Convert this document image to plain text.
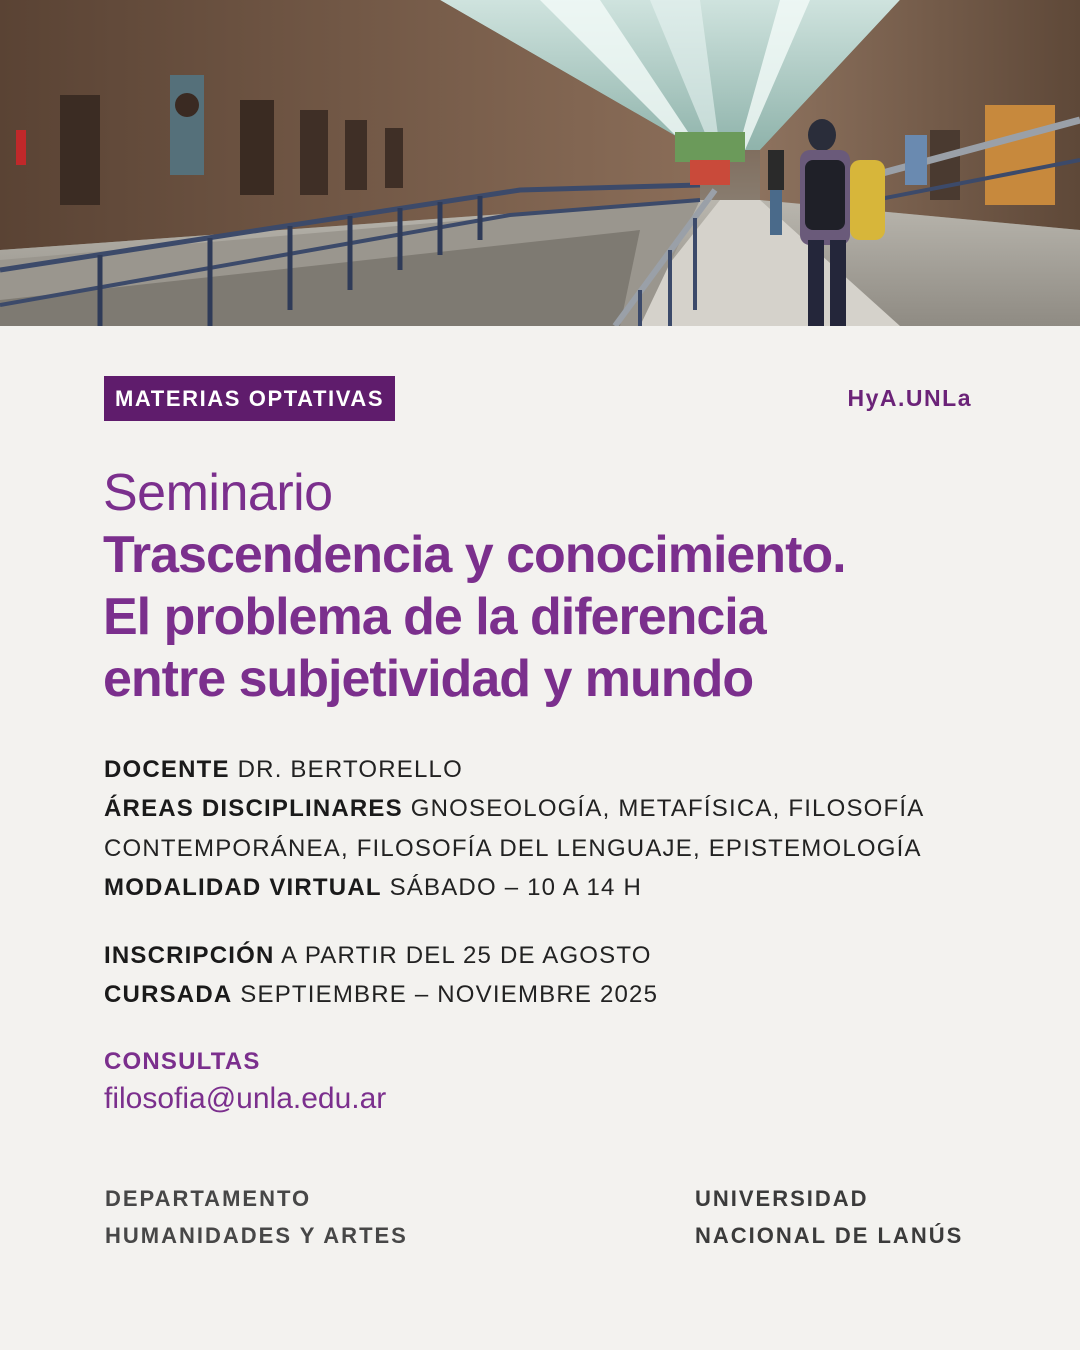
MATERIAS OPTATIVAS	HyA.UNLa
Seminario
Trascendencia y conocimiento.
El problema de la diferencia
entre subjetividad y mundo
DOCENTE DR. BERTORELLO
ÁREAS DISCIPLINARES GNOSEOLOGÍA, METAFÍSICA, FILOSOFÍA
CONTEMPORÁNEA, FILOSOFÍA DEL LENGUAJE, EPISTEMOLOGÍA
MODALIDAD VIRTUAL SÁBADO – 10 A 14 H
INSCRIPCIÓN A PARTIR DEL 25 DE AGOSTO
CURSADA SEPTIEMBRE – NOVIEMBRE 2025
CONSULTAS
filosofia@unla.edu.ar
DEPARTAMENTO
HUMANIDADES Y ARTES
UNIVERSIDAD
NACIONAL DE LANÚS
